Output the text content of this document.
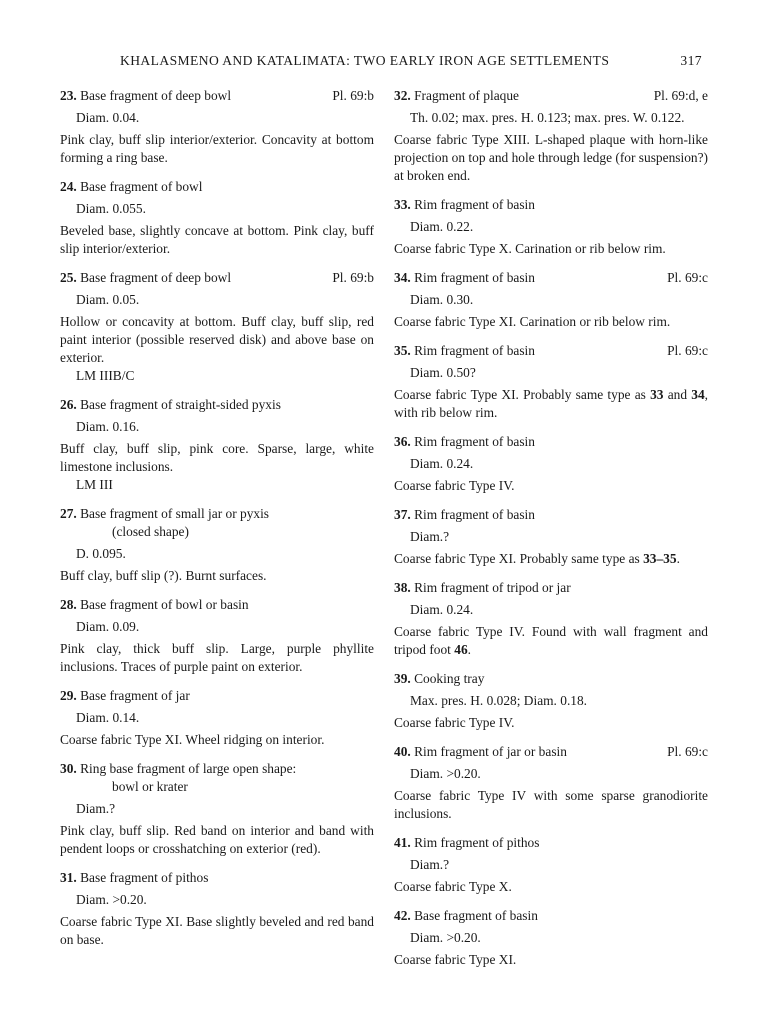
KHALASMENO AND KATALIMATA: TWO EARLY IRON AGE SETTLEMENTS	317
23. Base fragment of deep bowl	Pl. 69:b
Diam. 0.04.
Pink clay, buff slip interior/exterior. Concavity at bottom forming a ring base.
24. Base fragment of bowl
Diam. 0.055.
Beveled base, slightly concave at bottom. Pink clay, buff slip interior/exterior.
25. Base fragment of deep bowl	Pl. 69:b
Diam. 0.05.
Hollow or concavity at bottom. Buff clay, buff slip, red paint interior (possible reserved disk) and above base on exterior.
LM IIIB/C
26. Base fragment of straight-sided pyxis
Diam. 0.16.
Buff clay, buff slip, pink core. Sparse, large, white limestone inclusions.
LM III
27. Base fragment of small jar or pyxis
(closed shape)
D. 0.095.
Buff clay, buff slip (?). Burnt surfaces.
28. Base fragment of bowl or basin
Diam. 0.09.
Pink clay, thick buff slip. Large, purple phyllite inclusions. Traces of purple paint on exterior.
29. Base fragment of jar
Diam. 0.14.
Coarse fabric Type XI. Wheel ridging on interior.
30. Ring base fragment of large open shape:
bowl or krater
Diam.?
Pink clay, buff slip. Red band on interior and band with pendent loops or crosshatching on exterior (red).
31. Base fragment of pithos
Diam. >0.20.
Coarse fabric Type XI. Base slightly beveled and red band on base.
32. Fragment of plaque	Pl. 69:d, e
Th. 0.02; max. pres. H. 0.123; max. pres. W. 0.122.
Coarse fabric Type XIII. L-shaped plaque with horn-like projection on top and hole through ledge (for suspension?) at broken end.
33. Rim fragment of basin
Diam. 0.22.
Coarse fabric Type X. Carination or rib below rim.
34. Rim fragment of basin	Pl. 69:c
Diam. 0.30.
Coarse fabric Type XI. Carination or rib below rim.
35. Rim fragment of basin	Pl. 69:c
Diam. 0.50?
Coarse fabric Type XI. Probably same type as 33 and 34, with rib below rim.
36. Rim fragment of basin
Diam. 0.24.
Coarse fabric Type IV.
37. Rim fragment of basin
Diam.?
Coarse fabric Type XI. Probably same type as 33–35.
38. Rim fragment of tripod or jar
Diam. 0.24.
Coarse fabric Type IV. Found with wall fragment and tripod foot 46.
39. Cooking tray
Max. pres. H. 0.028; Diam. 0.18.
Coarse fabric Type IV.
40. Rim fragment of jar or basin	Pl. 69:c
Diam. >0.20.
Coarse fabric Type IV with some sparse granodiorite inclusions.
41. Rim fragment of pithos
Diam.?
Coarse fabric Type X.
42. Base fragment of basin
Diam. >0.20.
Coarse fabric Type XI.
